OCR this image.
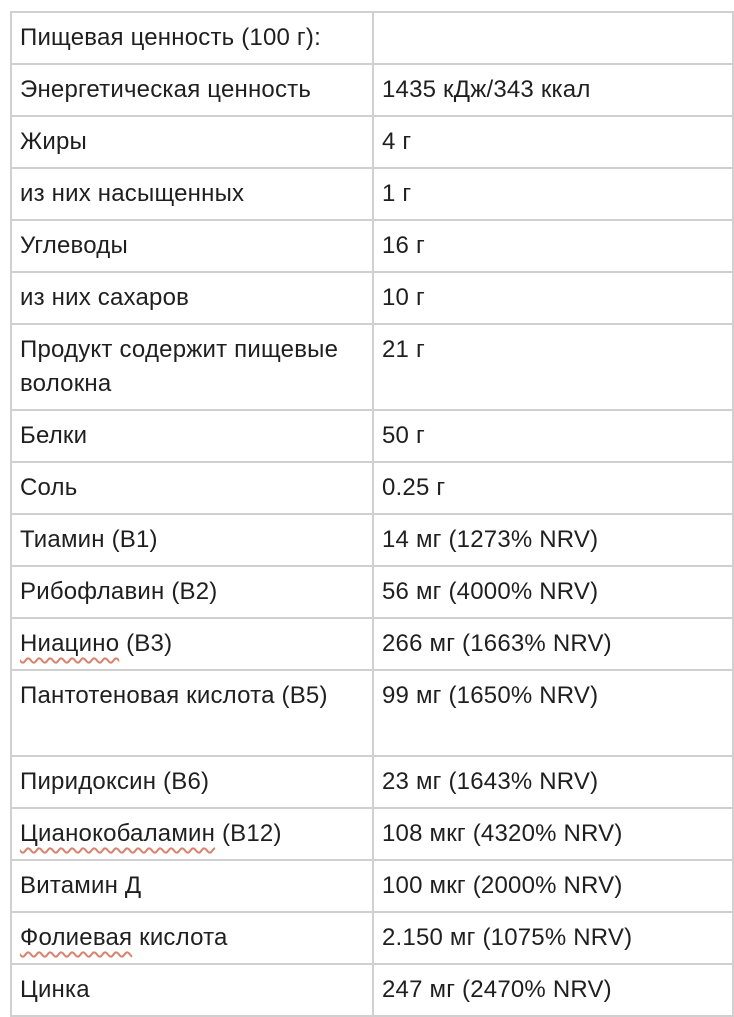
Пищевая ценность (100 г):	
Энергетическая ценность	1435 кДж/343 ккал
Жиры	4 г
из них насыщенных	1 г
Углеводы	16 г
из них сахаров	10 г
Продукт содержит пищевые волокна	21 г
Белки	50 г
Соль	0.25 г
Тиамин (B1)	14 мг (1273% NRV)
Рибофлавин (B2)	56 мг (4000% NRV)
Ниацино (B3)	266 мг (1663% NRV)
Пантотеновая кислота (B5)	99 мг (1650% NRV)
Пиридоксин (B6)	23 мг (1643% NRV)
Цианокобаламин (B12)	108 мкг (4320% NRV)
Витамин Д	100 мкг (2000% NRV)
Фолиевая кислота	2.150 мг (1075% NRV)
Цинка	247 мг (2470% NRV)
